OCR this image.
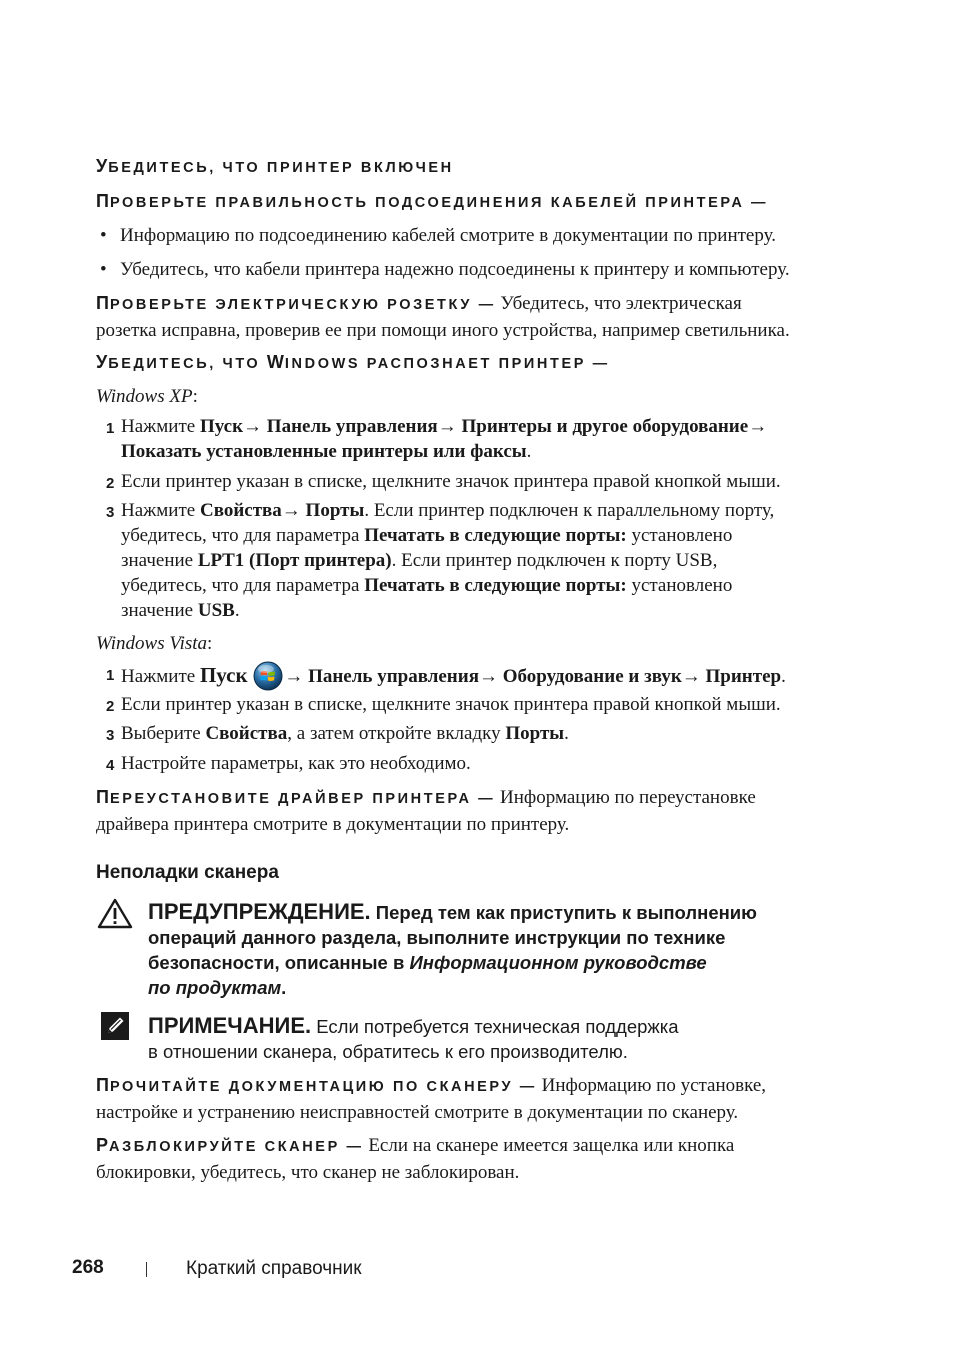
УБЕДИТЕСЬ, ЧТО ПРИНТЕР ВКЛЮЧЕН
ПРОВЕРЬТЕ ПРАВИЛЬНОСТЬ ПОДСОЕДИНЕНИЯ КАБЕЛЕЙ ПРИНТЕРА —
• Информацию по подсоединению кабелей смотрите в документации по принтеру.
• Убедитесь, что кабели принтера надежно подсоединены к принтеру и компьютеру.
ПРОВЕРЬТЕ ЭЛЕКТРИЧЕСКУЮ РОЗЕТКУ — Убедитесь, что электрическая
розетка исправна, проверив ее при помощи иного устройства, например светильника.
УБЕДИТЕСЬ, ЧТО WINDOWS РАСПОЗНАЕТ ПРИНТЕР —
Windows XP:
1 Нажмите Пуск→ Панель управления→ Принтеры и другое оборудование→
Показать установленные принтеры или факсы.
2 Если принтер указан в списке, щелкните значок принтера правой кнопкой мыши.
3 Нажмите Свойства→ Порты. Если принтер подключен к параллельному порту,
убедитесь, что для параметра Печатать в следующие порты: установлено
значение LPT1 (Порт принтера). Если принтер подключен к порту USB,
убедитесь, что для параметра Печатать в следующие порты: установлено
значение USB.
Windows Vista:
1 Нажмите Пуск → Панель управления→ Оборудование и звук→ Принтер.
2 Если принтер указан в списке, щелкните значок принтера правой кнопкой мыши.
3 Выберите Свойства, а затем откройте вкладку Порты.
4 Настройте параметры, как это необходимо.
ПЕРЕУСТАНОВИТЕ ДРАЙВЕР ПРИНТЕРА — Информацию по переустановке
драйвера принтера смотрите в документации по принтеру.
Неполадки сканера
ПРЕДУПРЕЖДЕНИЕ. Перед тем как приступить к выполнению
операций данного раздела, выполните инструкции по технике
безопасности, описанные в Информационном руководстве
по продуктам.
ПРИМЕЧАНИЕ. Если потребуется техническая поддержка
в отношении сканера, обратитесь к его производителю.
ПРОЧИТАЙТЕ ДОКУМЕНТАЦИЮ ПО СКАНЕРУ — Информацию по установке,
настройке и устранению неисправностей смотрите в документации по сканеру.
РАЗБЛОКИРУЙТЕ СКАНЕР — Если на сканере имеется защелка или кнопка
блокировки, убедитесь, что сканер не заблокирован.
268	Краткий справочник
